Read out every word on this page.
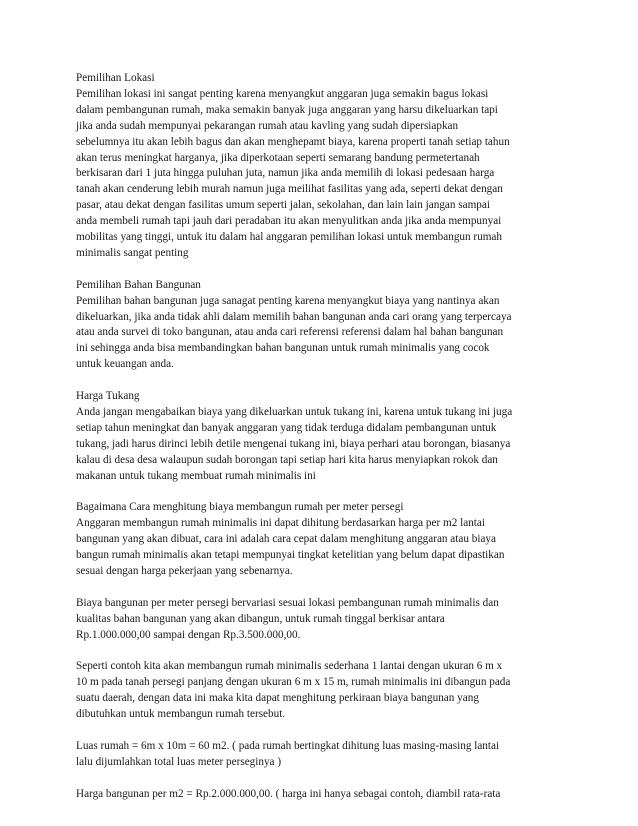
Pemilihan Lokasi
Pemilihan lokasi ini sangat penting karena menyangkut anggaran juga semakin bagus lokasi
dalam pembangunan rumah, maka semakin banyak juga anggaran yang harsu dikeluarkan tapi
jika anda sudah mempunyai pekarangan rumah atau kavling yang sudah dipersiapkan
sebelumnya itu akan lebih bagus dan akan menghepamt biaya, karena properti tanah setiap tahun
akan terus meningkat harganya, jika diperkotaan seperti semarang bandung permetertanah
berkisaran dari 1 juta hingga puluhan juta, namun jika anda memilih di lokasi pedesaan harga
tanah akan cenderung lebih murah namun juga meilihat fasilitas yang ada, seperti dekat dengan
pasar, atau dekat dengan fasilitas umum seperti jalan, sekolahan, dan lain lain jangan sampai
anda membeli rumah tapi jauh dari peradaban itu akan menyulitkan anda jika anda mempunyai
mobilitas yang tinggi, untuk itu dalam hal anggaran pemilihan lokasi untuk membangun rumah
minimalis sangat penting
Pemilihan Bahan Bangunan
Pemilihan bahan bangunan juga sanagat penting karena menyangkut biaya yang nantinya akan
dikeluarkan, jika anda tidak ahli dalam memilih bahan bangunan anda cari orang yang terpercaya
atau anda survei di toko bangunan, atau anda cari referensi referensi dalam hal bahan bangunan
ini sehingga anda bisa membandingkan bahan bangunan untuk rumah minimalis yang cocok
untuk keuangan anda.
Harga Tukang
Anda jangan mengabaikan biaya yang dikeluarkan untuk tukang ini, karena untuk tukang ini juga
setiap tahun meningkat dan banyak anggaran yang tidak terduga didalam pembangunan untuk
tukang, jadi harus dirinci lebih detile mengenai tukang ini, biaya perhari atau borongan, biasanya
kalau di desa desa walaupun sudah borongan tapi setiap hari kita harus menyiapkan rokok dan
makanan untuk tukang membuat rumah minimalis ini
Bagaimana Cara menghitung biaya membangun rumah per meter persegi
Anggaran membangun rumah minimalis ini dapat dihitung berdasarkan harga per m2 lantai
bangunan yang akan dibuat, cara ini adalah cara cepat dalam menghitung anggaran atau biaya
bangun rumah minimalis akan tetapi mempunyai tingkat ketelitian yang belum dapat dipastikan
sesuai dengan harga pekerjaan yang sebenarnya.
Biaya bangunan per meter persegi bervariasi sesuai lokasi pembangunan rumah minimalis dan
kualitas bahan bangunan yang akan dibangun, untuk rumah tinggal berkisar antara
Rp.1.000.000,00 sampai dengan Rp.3.500.000,00.
Seperti contoh kita akan membangun rumah minimalis sederhana 1 lantai dengan ukuran 6 m x
10 m pada tanah persegi panjang dengan ukuran 6 m x 15 m, rumah minimalis ini dibangun pada
suatu daerah, dengan data ini maka kita dapat menghitung perkiraan biaya bangunan yang
dibutuhkan untuk membangun rumah tersebut.
Luas rumah = 6m x 10m = 60 m2. ( pada rumah bertingkat dihitung luas masing-masing lantai
lalu dijumlahkan total luas meter perseginya )
Harga bangunan per m2 = Rp.2.000.000,00. ( harga ini hanya sebagai contoh, diambil rata-rata
